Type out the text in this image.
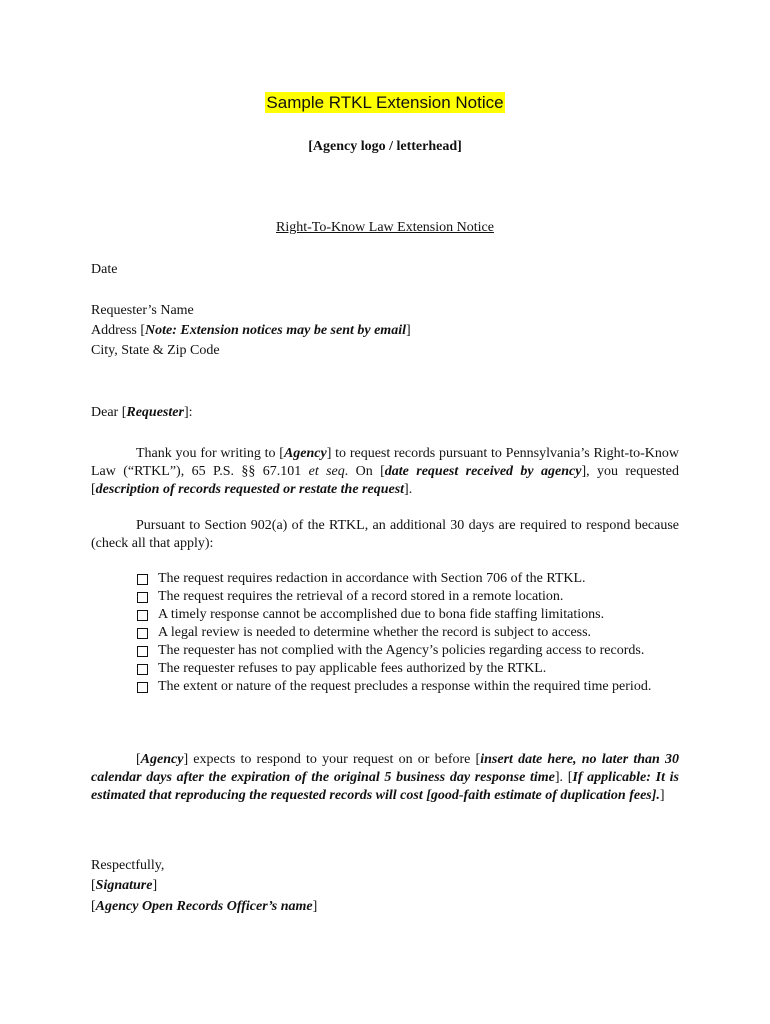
Sample RTKL Extension Notice
[Agency logo / letterhead]
Right-To-Know Law Extension Notice
Date
Requester’s Name
Address [Note: Extension notices may be sent by email]
City, State & Zip Code
Dear [Requester]:
Thank you for writing to [Agency] to request records pursuant to Pennsylvania’s Right-to-Know Law (“RTKL”), 65 P.S. §§ 67.101 et seq. On [date request received by agency], you requested [description of records requested or restate the request].
Pursuant to Section 902(a) of the RTKL, an additional 30 days are required to respond because (check all that apply):
The request requires redaction in accordance with Section 706 of the RTKL.
The request requires the retrieval of a record stored in a remote location.
A timely response cannot be accomplished due to bona fide staffing limitations.
A legal review is needed to determine whether the record is subject to access.
The requester has not complied with the Agency’s policies regarding access to records.
The requester refuses to pay applicable fees authorized by the RTKL.
The extent or nature of the request precludes a response within the required time period.
[Agency] expects to respond to your request on or before [insert date here, no later than 30 calendar days after the expiration of the original 5 business day response time]. [If applicable: It is estimated that reproducing the requested records will cost [good-faith estimate of duplication fees].]
Respectfully,
[Signature]
[Agency Open Records Officer’s name]
